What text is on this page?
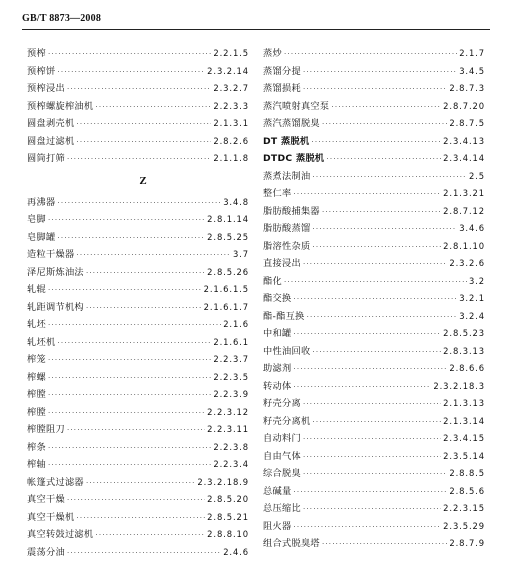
GB/T 8873—2008
预榨 ·····	2.2.1.5
预榨饼 ·····	2.3.2.14
预榨浸出 ·····	2.3.2.7
预榨螺旋榨油机 ·····	2.2.3.3
圆盘剥壳机 ·····	2.1.3.1
圆盘过滤机 ·····	2.8.2.6
圆筒打筛 ·····	2.1.1.8
Z
再沸器 ·····	3.4.8
皂脚 ·····	2.8.1.14
皂脚罐 ·····	2.8.5.25
造粒干燥器 ·····	3.7
泽尼斯炼油法 ·····	2.8.5.26
轧辊 ·····	2.1.6.1.5
轧距调节机构 ·····	2.1.6.1.7
轧坯 ·····	2.1.6
轧坯机 ·····	2.1.6.1
榨笼 ·····	2.2.3.7
榨螺 ·····	2.2.3.5
榨膛 ·····	2.2.3.9
榨膛 ·····	2.2.3.12
榨膛阻刀 ·····	2.2.3.11
榨条 ·····	2.2.3.8
榨轴 ·····	2.2.3.4
帐篷式过滤器 ·····	2.3.2.18.9
真空干燥 ·····	2.8.5.20
真空干燥机 ·····	2.8.5.21
真空转鼓过滤机 ·····	2.8.8.10
震荡分油 ·····	2.4.6
蒸炒 ·····	2.1.7
蒸馏分提 ·····	3.4.5
蒸馏损耗 ·····	2.8.7.3
蒸汽喷射真空泵 ·····	2.8.7.20
蒸汽蒸馏脱臭 ·····	2.8.7.5
DT 蒸脱机 ·····	2.3.4.13
DTDC 蒸脱机 ·····	2.3.4.14
蒸煮法制油 ·····	2.5
整仁率 ·····	2.1.3.21
脂肪酸捕集器 ·····	2.8.7.12
脂肪酸蒸馏 ·····	3.4.6
脂溶性杂质 ·····	2.8.1.10
直接浸出 ·····	2.3.2.6
酯化 ·····	3.2
酯交换 ·····	3.2.1
酯-酯互换 ·····	3.2.4
中和罐 ·····	2.8.5.23
中性油回收 ·····	2.8.3.13
助滤剂 ·····	2.8.6.6
转动体 ·····	2.3.2.18.3
籽壳分离 ·····	2.1.3.13
籽壳分离机 ·····	2.1.3.14
自动料门 ·····	2.3.4.15
自由气体 ·····	2.3.5.14
综合脱臭 ·····	2.8.8.5
总碱量 ·····	2.8.5.6
总压缩比 ·····	2.2.3.15
阻火器 ·····	2.3.5.29
组合式脱臭塔 ·····	2.8.7.9
